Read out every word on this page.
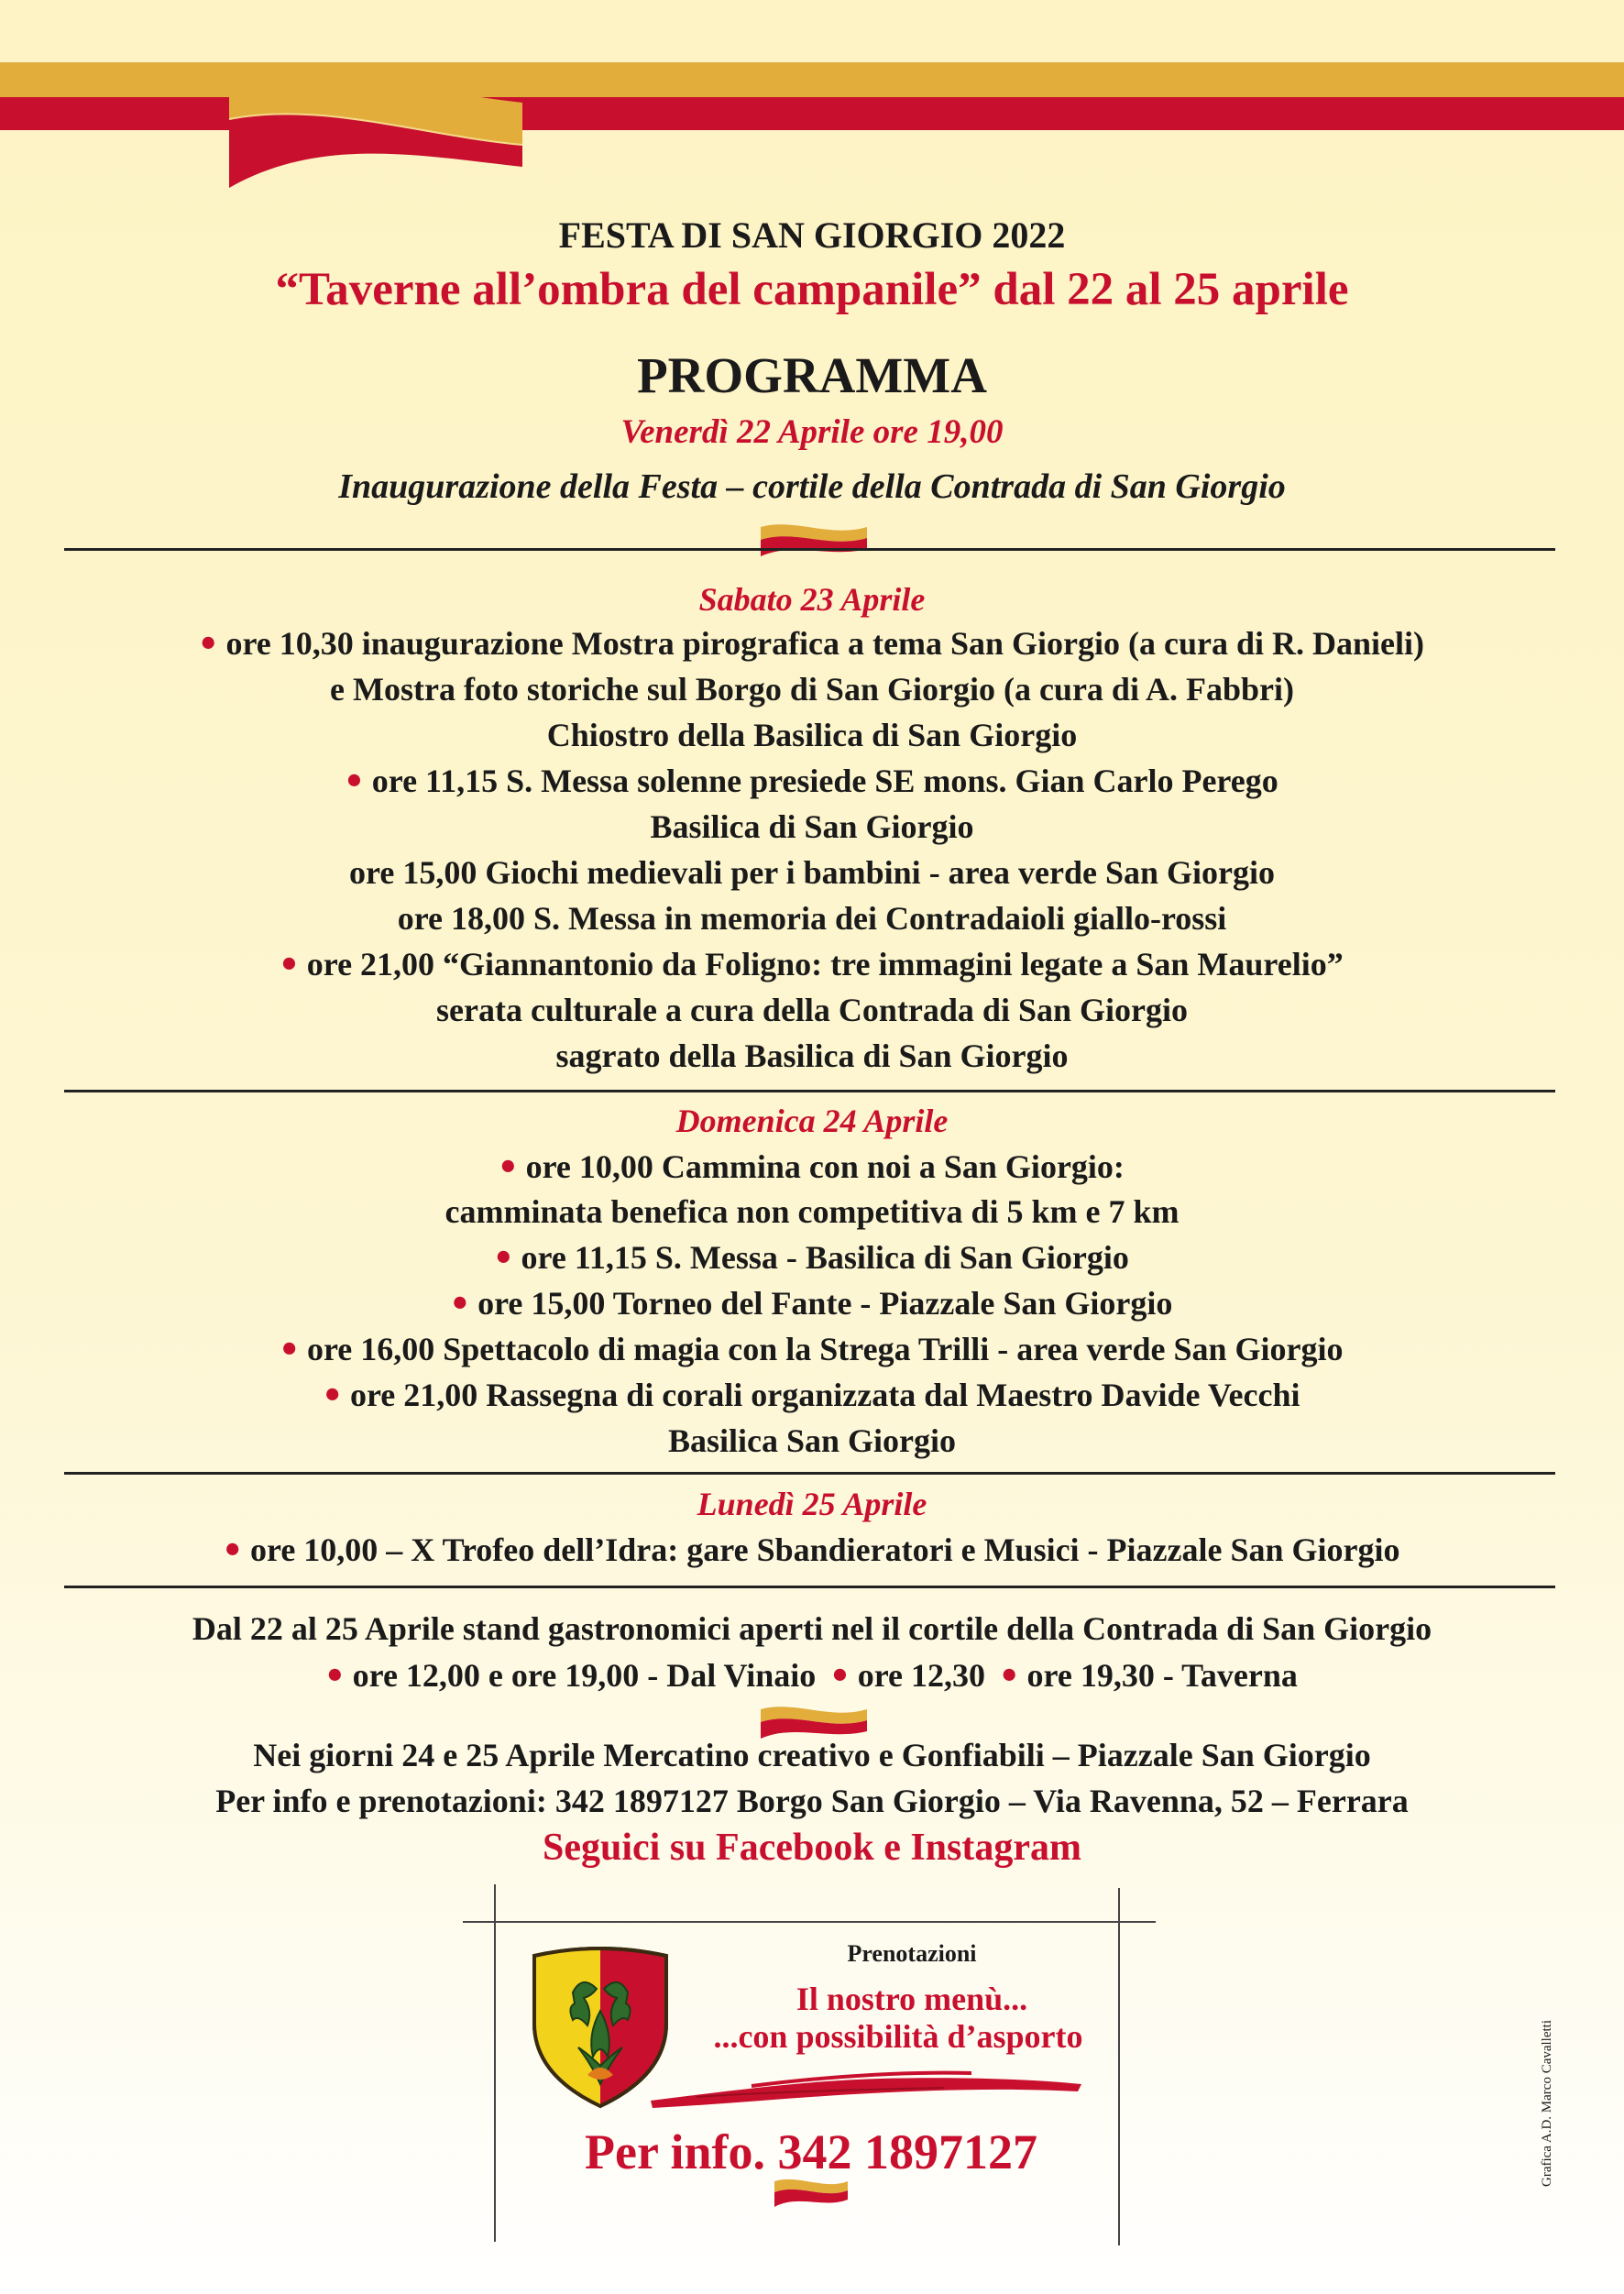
FESTA DI SAN GIORGIO 2022
“Taverne all’ombra del campanile” dal 22 al 25 aprile
PROGRAMMA
Venerdì 22 Aprile ore 19,00
Inaugurazione della Festa – cortile della Contrada di San Giorgio
Sabato 23 Aprile
● ore 10,30 inaugurazione Mostra pirografica a tema San Giorgio (a cura di R. Danieli)
e Mostra foto storiche sul Borgo di San Giorgio (a cura di A. Fabbri)
Chiostro della Basilica di San Giorgio
● ore 11,15 S. Messa solenne presiede SE mons. Gian Carlo Perego
Basilica di San Giorgio
ore 15,00 Giochi medievali per i bambini - area verde San Giorgio
ore 18,00 S. Messa in memoria dei Contradaioli giallo-rossi
● ore 21,00 “Giannantonio da Foligno: tre immagini legate a San Maurelio”
serata culturale a cura della Contrada di San Giorgio
sagrato della Basilica di San Giorgio
Domenica 24 Aprile
● ore 10,00 Cammina con noi a San Giorgio:
camminata benefica non competitiva di 5 km e 7 km
● ore 11,15 S. Messa - Basilica di San Giorgio
● ore 15,00 Torneo del Fante - Piazzale San Giorgio
● ore 16,00 Spettacolo di magia con la Strega Trilli - area verde San Giorgio
● ore 21,00 Rassegna di corali organizzata dal Maestro Davide Vecchi
Basilica San Giorgio
Lunedì 25 Aprile
● ore 10,00 – X Trofeo dell’Idra: gare Sbandieratori e Musici - Piazzale San Giorgio
Dal 22 al 25 Aprile stand gastronomici aperti nel il cortile della Contrada di San Giorgio
● ore 12,00 e ore 19,00 - Dal Vinaio ● ore 12,30 ● ore 19,30 - Taverna
Nei giorni 24 e 25 Aprile Mercatino creativo e Gonfiabili – Piazzale San Giorgio
Per info e prenotazioni: 342 1897127 Borgo San Giorgio – Via Ravenna, 52 – Ferrara
Seguici su Facebook e Instagram
Prenotazioni
Il nostro menù...
...con possibilità d’asporto
Per info. 342 1897127	Grafica A.D. Marco Cavalletti
